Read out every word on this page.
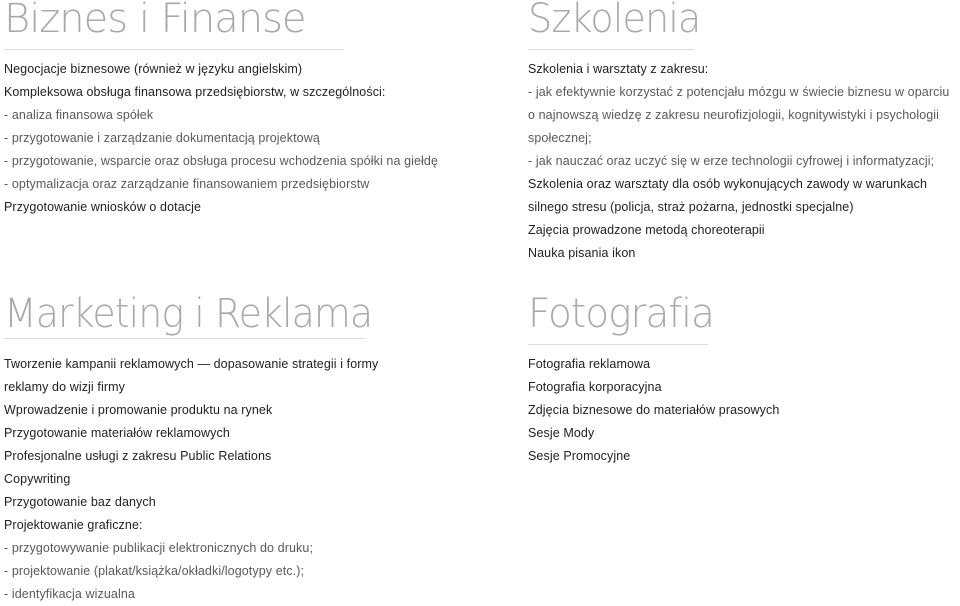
Biznes i Finanse
Negocjacje biznesowe (również w języku angielskim)
Kompleksowa obsługa finansowa przedsiębiorstw, w szczególności:
- analiza finansowa spółek
- przygotowanie i zarządzanie dokumentacją projektową
- przygotowanie, wsparcie oraz obsługa procesu wchodzenia spółki na giełdę
- optymalizacja oraz zarządzanie finansowaniem przedsiębiorstw
Przygotowanie wniosków o dotacje
Szkolenia
Szkolenia i warsztaty z zakresu:
- jak efektywnie korzystać z potencjału mózgu w świecie biznesu w oparciu
o najnowszą wiedzę z zakresu neurofizjologii, kognitywistyki i psychologii
społecznej;
- jak nauczać oraz uczyć się w erze technologii cyfrowej i informatyzacji;
Szkolenia oraz warsztaty dla osób wykonujących zawody w warunkach
silnego stresu (policja, straż pożarna, jednostki specjalne)
Zajęcia prowadzone metodą choreoterapii
Nauka pisania ikon
Marketing i Reklama
Tworzenie kampanii reklamowych — dopasowanie strategii i formy
reklamy do wizji firmy
Wprowadzenie i promowanie produktu na rynek
Przygotowanie materiałów reklamowych
Profesjonalne usługi z zakresu Public Relations
Copywriting
Przygotowanie baz danych
Projektowanie graficzne:
- przygotowywanie publikacji elektronicznych do druku;
- projektowanie (plakat/książka/okładki/logotypy etc.);
- identyfikacja wizualna
Fotografia
Fotografia reklamowa
Fotografia korporacyjna
Zdjęcia biznesowe do materiałów prasowych
Sesje Mody
Sesje Promocyjne
